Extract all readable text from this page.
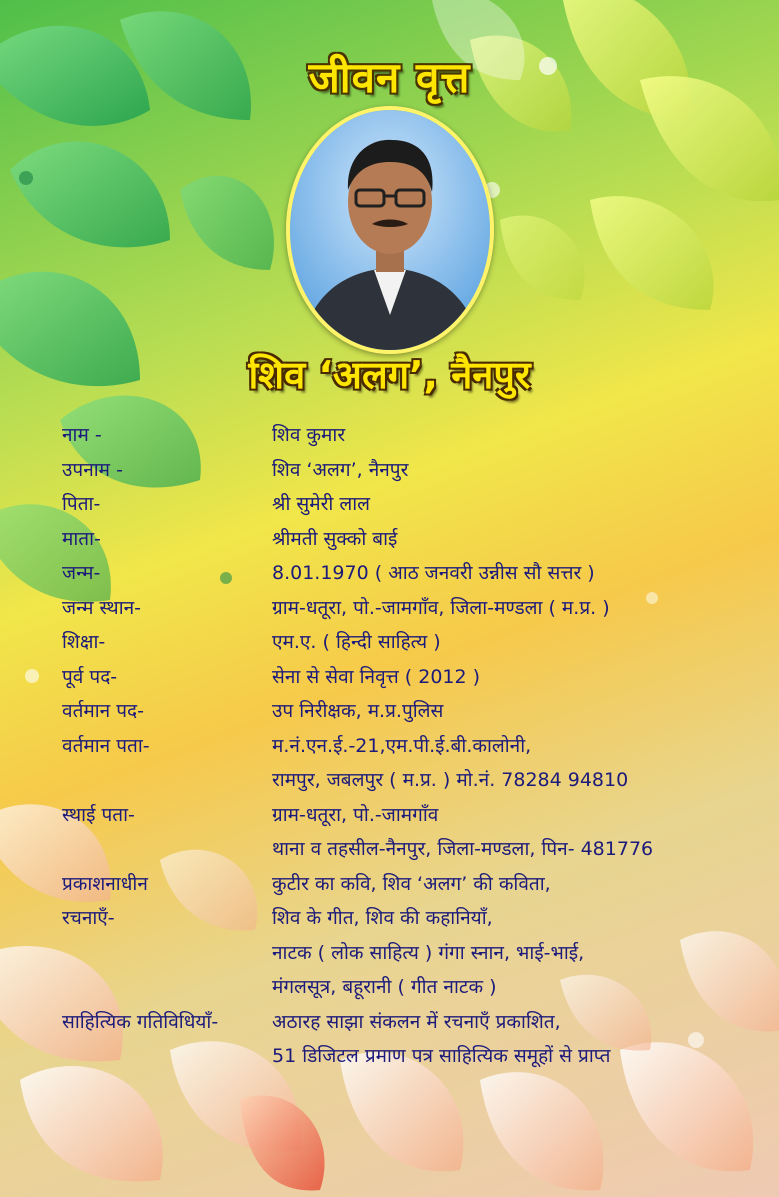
जीवन वृत्त
शिव ‘अलग’, नैनपुर
नाम -	शिव कुमार
उपनाम -	शिव ‘अलग’, नैनपुर
पिता-	श्री सुमेरी लाल
माता-	श्रीमती सुक्को बाई
जन्म-	8.01.1970 ( आठ जनवरी उन्नीस सौ सत्तर )
जन्म स्थान-	ग्राम-धतूरा, पो.-जामगाँव, जिला-मण्डला ( म.प्र. )
शिक्षा-	एम.ए. ( हिन्दी साहित्य )
पूर्व पद-	सेना से सेवा निवृत्त ( 2012 )
वर्तमान पद-	उप निरीक्षक, म.प्र.पुलिस
वर्तमान पता-	म.नं.एन.ई.-21,एम.पी.ई.बी.कालोनी,
रामपुर, जबलपुर ( म.प्र. ) मो.नं. 78284 94810
स्थाई पता-	ग्राम-धतूरा, पो.-जामगाँव
थाना व तहसील-नैनपुर, जिला-मण्डला, पिन- 481776
प्रकाशनाधीन	कुटीर का कवि, शिव ‘अलग’ की कविता,
रचनाएँ-	शिव के गीत, शिव की कहानियाँ,
नाटक ( लोक साहित्य ) गंगा स्नान, भाई-भाई,
मंगलसूत्र, बहूरानी ( गीत नाटक )
साहित्यिक गतिविधियाँ-	अठारह साझा संकलन में रचनाएँ प्रकाशित,
51 डिजिटल प्रमाण पत्र साहित्यिक समूहों से प्राप्त
